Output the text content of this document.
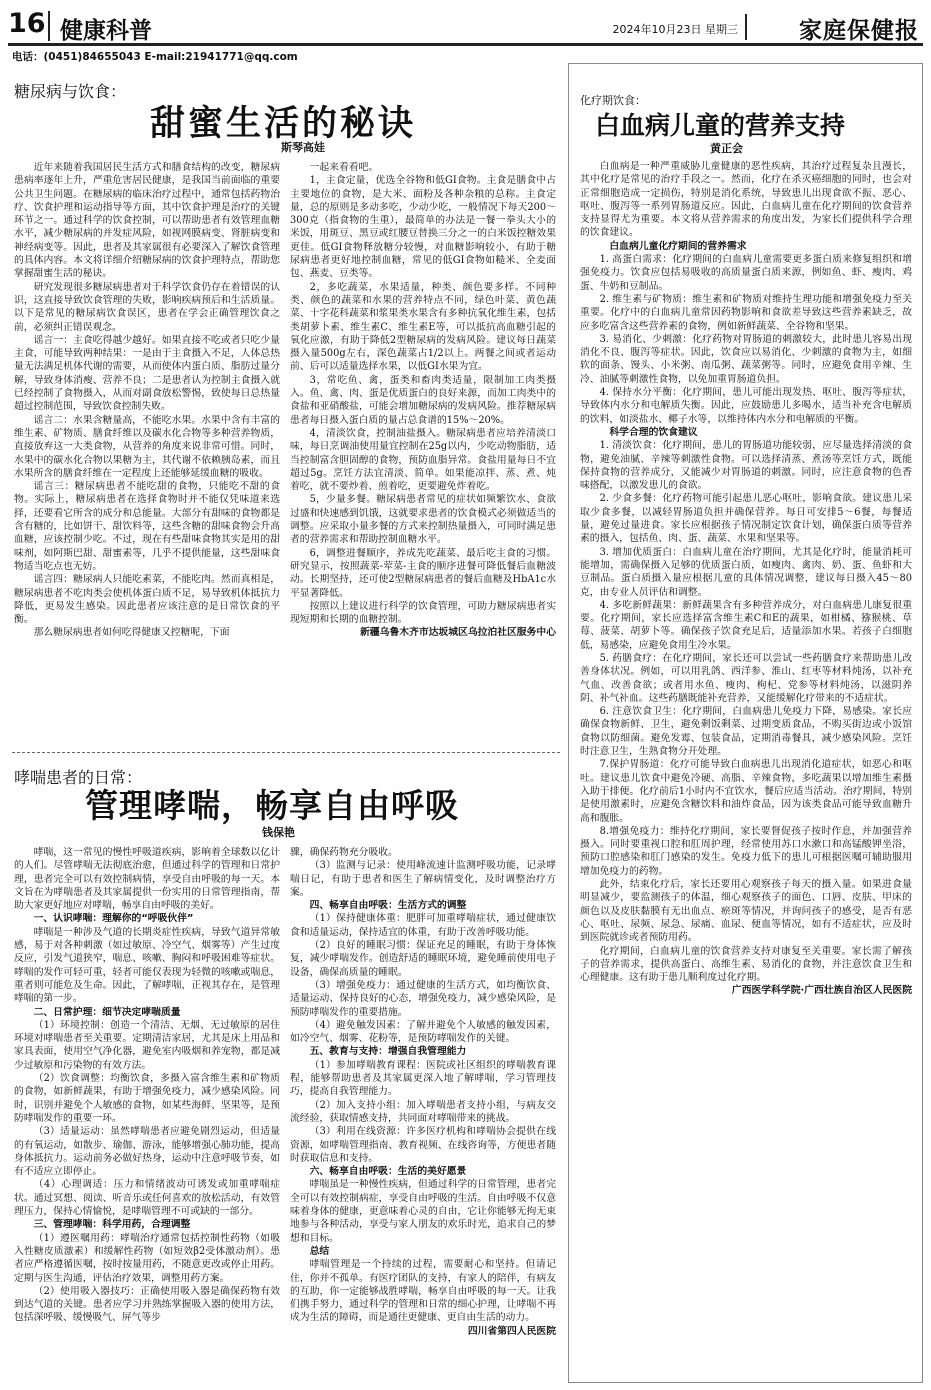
16 健康科普	2024年10月23日 星期三	家庭保健报
电话：(0451)84655043 E-mail:21941771@qq.com
糖尿病与饮食：
甜蜜生活的秘诀
斯琴高娃

近年来随着我国居民生活方式和膳食结构的改变，糖尿病患病率逐年上升，严重危害居民健康，是我国当前面临的重要公共卫生问题。在糖尿病的临床治疗过程中，通常包括药物治疗、饮食护理和运动指导等方面，其中饮食护理是治疗的关键环节之一。通过科学的饮食控制，可以帮助患者有效管理血糖水平，减少糖尿病的并发症风险，如视网膜病变、肾脏病变和神经病变等。因此，患者及其家属很有必要深入了解饮食管理的具体内容。本文将详细介绍糖尿病的饮食护理特点，帮助您掌握甜蜜生活的秘诀。

研究发现很多糖尿病患者对于科学饮食仍存在着错误的认识，这直接导致饮食管理的失败，影响疾病预后和生活质量。以下是常见的糖尿病饮食误区，患者在学会正确管理饮食之前，必须纠正错误观念。

谣言一：主食吃得越少越好。如果直接不吃或者只吃少量主食，可能导致两种结果：一是由于主食摄入不足，人体总热量无法满足机体代谢的需要，从而使体内蛋白质、脂肪过量分解，导致身体消瘦、营养不良；二是患者认为控制主食摄入就已经控制了食物摄入，从而对副食放松警惕，致使每日总热量超过控制范围，导致饮食控制失败。

谣言二：水果含糖量高，不能吃水果。水果中含有丰富的维生素、矿物质、膳食纤维以及碳水化合物等多种营养物质，直接放弃这一大类食物，从营养的角度来说非常可惜。同时，水果中的碳水化合物以果糖为主，其代谢不依赖胰岛素，而且水果所含的膳食纤维在一定程度上还能够延缓血糖的吸收。

谣言三：糖尿病患者不能吃甜的食物，只能吃不甜的食物。实际上，糖尿病患者在选择食物时并不能仅凭味道来选择，还要看它所含的成分和总能量。大部分有甜味的食物都是含有糖的，比如饼干、甜饮料等，这些含糖的甜味食物会升高血糖，应该控制少吃。不过，现在有些甜味食物其实是用的甜味剂，如阿斯巴甜、甜蜜素等，几乎不提供能量，这些甜味食物适当吃点也无妨。

谣言四：糖尿病人只能吃素菜，不能吃肉。然而真相是，糖尿病患者不吃肉类会使机体蛋白质不足，易导致机体抵抗力降低，更易发生感染。因此患者应该注意的是日常饮食的平衡。

那么糖尿病患者如何吃得健康又控糖呢，下面

一起来看看吧。

1，主食定量，优选全谷物和低GI食物。主食是膳食中占主要地位的食物，是大米、面粉及各种杂粮的总称。主食定量，总的原则是多动多吃，少动少吃，一般情况下每天200～300克（指食物的生重），最简单的办法是一餐一拳头大小的米饭，用斑豆、黑豆或红腰豆替换三分之一的白米饭控糖效果更佳。低GI食物释放糖分较慢，对血糖影响较小，有助于糖尿病患者更好地控制血糖，常见的低GI食物如糙米、全麦面包、燕麦、豆类等。

2，多吃蔬菜，水果适量，种类、颜色要多样。不同种类、颜色的蔬菜和水果的营养特点不同，绿色叶菜、黄色蔬菜、十字花科蔬菜和浆果类水果含有多种抗氧化维生素，包括类胡萝卜素、维生素C、维生素E等，可以抵抗高血糖引起的氧化应激，有助于降低2型糖尿病的发病风险。建议每日蔬菜摄入量500g左右，深色蔬菜占1/2以上。两餐之间或者运动前、后可以适量选择水果，以低GI水果为宜。

3，常吃鱼、禽，蛋类和畜肉类适量，限制加工肉类摄入。鱼、禽、肉、蛋是优质蛋白的良好来源，而加工肉类中的食盐和亚硝酸盐，可能会增加糖尿病的发病风险。推荐糖尿病患者每日摄入蛋白质的量占总食谱的15%～20%。

4，清淡饮食，控制油盐摄入。糖尿病患者应培养清淡口味，每日烹调油使用量宜控制在25g以内，少吃动物脂肪，适当控制富含胆固醇的食物，预防血脂异常。食盐用量每日不宜超过5g。烹饪方法宜清淡、简单。如果能凉拌、蒸、煮、炖着吃，就不要炒着、煎着吃，更要避免炸着吃。

5，少量多餐。糖尿病患者常见的症状如频繁饮水、食欲过盛和快速感到饥饿，这就要求患者的饮食模式必须做适当的调整。应采取小量多餐的方式来控制热量摄入，可同时满足患者的营养需求和帮助控制血糖水平。

6，调整进餐顺序，养成先吃蔬菜、最后吃主食的习惯。研究显示，按照蔬菜-荤菜-主食的顺序进餐可降低餐后血糖波动。长期坚持，还可使2型糖尿病患者的餐后血糖及HbA1c水平显著降低。

按照以上建议进行科学的饮食管理，可助力糖尿病患者实现短期和长期的血糖控制。

新疆乌鲁木齐市达坂城区乌拉泊社区服务中心

哮喘患者的日常：
管理哮喘，畅享自由呼吸
钱保艳

哮喘，这一常见的慢性呼吸道疾病，影响着全球数以亿计的人们。尽管哮喘无法彻底治愈，但通过科学的管理和日常护理，患者完全可以有效控制病情，享受自由呼吸的每一天。本文旨在为哮喘患者及其家属提供一份实用的日常管理指南，帮助大家更好地应对哮喘，畅享自由呼吸的美好。

一、认识哮喘：理解你的“呼吸伙伴”

哮喘是一种涉及气道的长期炎症性疾病，导致气道异常敏感，易于对各种刺激（如过敏原、冷空气、烟雾等）产生过度反应，引发气道狭窄，喘息、咳嗽、胸闷和呼吸困难等症状。哮喘的发作可轻可重，轻者可能仅表现为轻微的咳嗽或喘息，重者则可能危及生命。因此，了解哮喘，正视其存在，是管理哮喘的第一步。

二、日常护理：细节决定哮喘质量

（1）环境控制：创造一个清洁、无烟、无过敏原的居住环境对哮喘患者至关重要。定期清洁家居，尤其是床上用品和家具表面，使用空气净化器，避免室内吸烟和养宠物，都是减少过敏原和污染物的有效方法。

（2）饮食调整：均衡饮食，多摄入富含维生素和矿物质的食物，如新鲜蔬果，有助于增强免疫力，减少感染风险。同时，识别并避免个人敏感的食物，如某些海鲜、坚果等，是预防哮喘发作的重要一环。

（3）适量运动：虽然哮喘患者应避免剧烈运动，但适量的有氧运动，如散步、瑜伽、游泳，能够增强心肺功能，提高身体抵抗力。运动前务必做好热身，运动中注意呼吸节奏，如有不适应立即停止。

（4）心理调适：压力和情绪波动可诱发或加重哮喘症状。通过冥想、阅读、听音乐或任何喜欢的放松活动，有效管理压力，保持心情愉悦，是哮喘管理不可或缺的一部分。

三、管理哮喘：科学用药，合理调整

（1）遵医嘱用药：哮喘治疗通常包括控制性药物（如吸入性糖皮质激素）和缓解性药物（如短效β2受体激动剂）。患者应严格遵循医嘱，按时按量用药，不随意更改或停止用药。定期与医生沟通，评估治疗效果，调整用药方案。

（2）使用吸入器技巧：正确使用吸入器是确保药物有效到达气道的关键。患者应学习并熟练掌握吸入器的使用方法，包括深呼吸、缓慢吸气、屏气等步

骤，确保药物充分吸收。

（3）监测与记录：使用峰流速计监测呼吸功能，记录哮喘日记，有助于患者和医生了解病情变化，及时调整治疗方案。

四、畅享自由呼吸：生活方式的调整

（1）保持健康体重：肥胖可加重哮喘症状，通过健康饮食和适量运动，保持适宜的体重，有助于改善呼吸功能。

（2）良好的睡眠习惯：保证充足的睡眠，有助于身体恢复，减少哮喘发作。创造舒适的睡眠环境，避免睡前使用电子设备，确保高质量的睡眠。

（3）增强免疫力：通过健康的生活方式，如均衡饮食、适量运动、保持良好的心态，增强免疫力，减少感染风险，是预防哮喘发作的重要措施。

（4）避免触发因素：了解并避免个人敏感的触发因素，如冷空气、烟雾、花粉等，是预防哮喘发作的关键。

五、教育与支持：增强自我管理能力

（1）参加哮喘教育课程：医院或社区组织的哮喘教育课程，能够帮助患者及其家属更深入地了解哮喘，学习管理技巧，提高自我管理能力。

（2）加入支持小组：加入哮喘患者支持小组，与病友交流经验，获取情感支持，共同面对哮喘带来的挑战。

（3）利用在线资源：许多医疗机构和哮喘协会提供在线资源，如哮喘管理指南、教育视频、在线咨询等，方便患者随时获取信息和支持。

六、畅享自由呼吸：生活的美好愿景

哮喘虽是一种慢性疾病，但通过科学的日常管理，患者完全可以有效控制病症，享受自由呼吸的生活。自由呼吸不仅意味着身体的健康，更意味着心灵的自由，它让你能够无拘无束地参与各种活动，享受与家人朋友的欢乐时光，追求自己的梦想和目标。

总结

哮喘管理是一个持续的过程，需要耐心和坚持。但请记住，你并不孤单。有医疗团队的支持，有家人的陪伴，有病友的互助，你一定能够战胜哮喘，畅享自由呼吸的每一天。让我们携手努力，通过科学的管理和日常的细心护理，让哮喘不再成为生活的障碍，而是通往更健康、更自由生活的动力。

四川省第四人民医院

化疗期饮食：
白血病儿童的营养支持
黄正会

白血病是一种严重威胁儿童健康的恶性疾病，其治疗过程复杂且漫长，其中化疗是常见的治疗手段之一。然而，化疗在杀灭癌细胞的同时，也会对正常细胞造成一定损伤，特别是消化系统，导致患儿出现食欲不振、恶心、呕吐、腹泻等一系列胃肠道反应。因此，白血病儿童在化疗期间的饮食营养支持显得尤为重要。本文将从营养需求的角度出发，为家长们提供科学合理的饮食建议。

白血病儿童化疗期间的营养需求

1. 高蛋白需求：化疗期间的白血病儿童需要更多蛋白质来修复组织和增强免疫力。饮食应包括易吸收的高质量蛋白质来源，例如鱼、虾、瘦肉、鸡蛋、牛奶和豆制品。

2. 维生素与矿物质：维生素和矿物质对维持生理功能和增强免疫力至关重要。化疗中的白血病儿童常因药物影响和食欲差导致这些营养素缺乏，故应多吃富含这些营养素的食物，例如新鲜蔬菜、全谷物和坚果。

3. 易消化、少刺激：化疗药物对胃肠道的刺激较大，此时患儿容易出现消化不良、腹泻等症状。因此，饮食应以易消化、少刺激的食物为主，如细软的面条、馒头、小米粥、南瓜粥、蔬菜粥等。同时，应避免食用辛辣、生冷、油腻等刺激性食物，以免加重胃肠道负担。

4. 保持水分平衡：化疗期间，患儿可能出现发热、呕吐、腹泻等症状，导致体内水分和电解质失衡。因此，应鼓励患儿多喝水，适当补充含电解质的饮料，如淡盐水、椰子水等，以维持体内水分和电解质的平衡。

科学合理的饮食建议

1. 清淡饮食：化疗期间，患儿的胃肠道功能较弱，应尽量选择清淡的食物，避免油腻、辛辣等刺激性食物。可以选择清蒸、煮汤等烹饪方式，既能保持食物的营养成分，又能减少对胃肠道的刺激。同时，应注意食物的色香味搭配，以激发患儿的食欲。

2. 少食多餐：化疗药物可能引起患儿恶心呕吐，影响食欲。建议患儿采取少食多餐，以减轻胃肠道负担并确保营养。每日可安排5～6餐，每餐适量，避免过量进食。家长应根据孩子情况制定饮食计划，确保蛋白质等营养素的摄入，包括鱼、肉、蛋、蔬菜、水果和坚果等。

3. 增加优质蛋白：白血病儿童在治疗期间，尤其是化疗时，能量消耗可能增加，需确保摄入足够的优质蛋白质，如瘦肉、禽肉、奶、蛋、鱼虾和大豆制品。蛋白质摄入量应根据儿童的具体情况调整，建议每日摄入45～80克，由专业人员评估和调整。

4. 多吃新鲜蔬果：新鲜蔬果含有多种营养成分，对白血病患儿康复很重要。化疗期间，家长应选择富含维生素C和E的蔬果，如柑橘、猕猴桃、草莓、菠菜、胡萝卜等。确保孩子饮食充足后，适量添加水果。若孩子白细胞低，易感染，应避免食用生冷水果。

5. 药膳食疗：在化疗期间，家长还可以尝试一些药膳食疗来帮助患儿改善身体状况。例如，可以用乳鸽、西洋参、淮山、红枣等材料炖汤，以补充气血、改善食欲；或者用水鱼、瘦肉、枸杞、党参等材料炖汤，以滋阴养阴、补气补血。这些药膳既能补充营养，又能缓解化疗带来的不适症状。

6. 注意饮食卫生：化疗期间，白血病患儿免疫力下降，易感染。家长应确保食物新鲜、卫生，避免剩饭剩菜、过期变质食品，不购买街边或小饭馆食物以防细菌。避免发霉、包装食品，定期消毒餐具，减少感染风险。烹饪时注意卫生，生熟食物分开处理。

7.保护胃肠道：化疗可能导致白血病患儿出现消化道症状，如恶心和呕吐。建议患儿饮食中避免冷硬、高脂、辛辣食物，多吃蔬果以增加维生素摄入助于排便。化疗前后1小时内不宜饮水，餐后应适当活动。治疗期间，特别是使用激素时，应避免含糖饮料和油炸食品，因为该类食品可能导致血糖升高和腹胀。

8.增强免疫力：维持化疗期间，家长要督促孩子按时作息，并加强营养摄入。同时要重视口腔和肛周护理，经常使用苏口水漱口和高锰酸钾坐浴，预防口腔感染和肛门感染的发生。免疫力低下的患儿可根据医嘱可辅助服用增加免疫力的药物。

此外，结束化疗后，家长还要用心观察孩子每天的摄入量。如果进食量明显减少，要监测孩子的体温，细心观察孩子的面色、口唇、皮肤、甲床的颜色以及皮肤黏膜有无出血点、瘀斑等情况，并询问孩子的感受，是否有恶心、呕吐、尿频、尿急、尿痛、血尿、便血等情况，如有不适症状，应及时到医院就诊或者预防用药。

化疗期间，白血病儿童的饮食营养支持对康复至关重要。家长需了解孩子的营养需求，提供高蛋白、高维生素、易消化的食物，并注意饮食卫生和心理健康。这有助于患儿顺利度过化疗期。

广西医学科学院·广西壮族自治区人民医院
